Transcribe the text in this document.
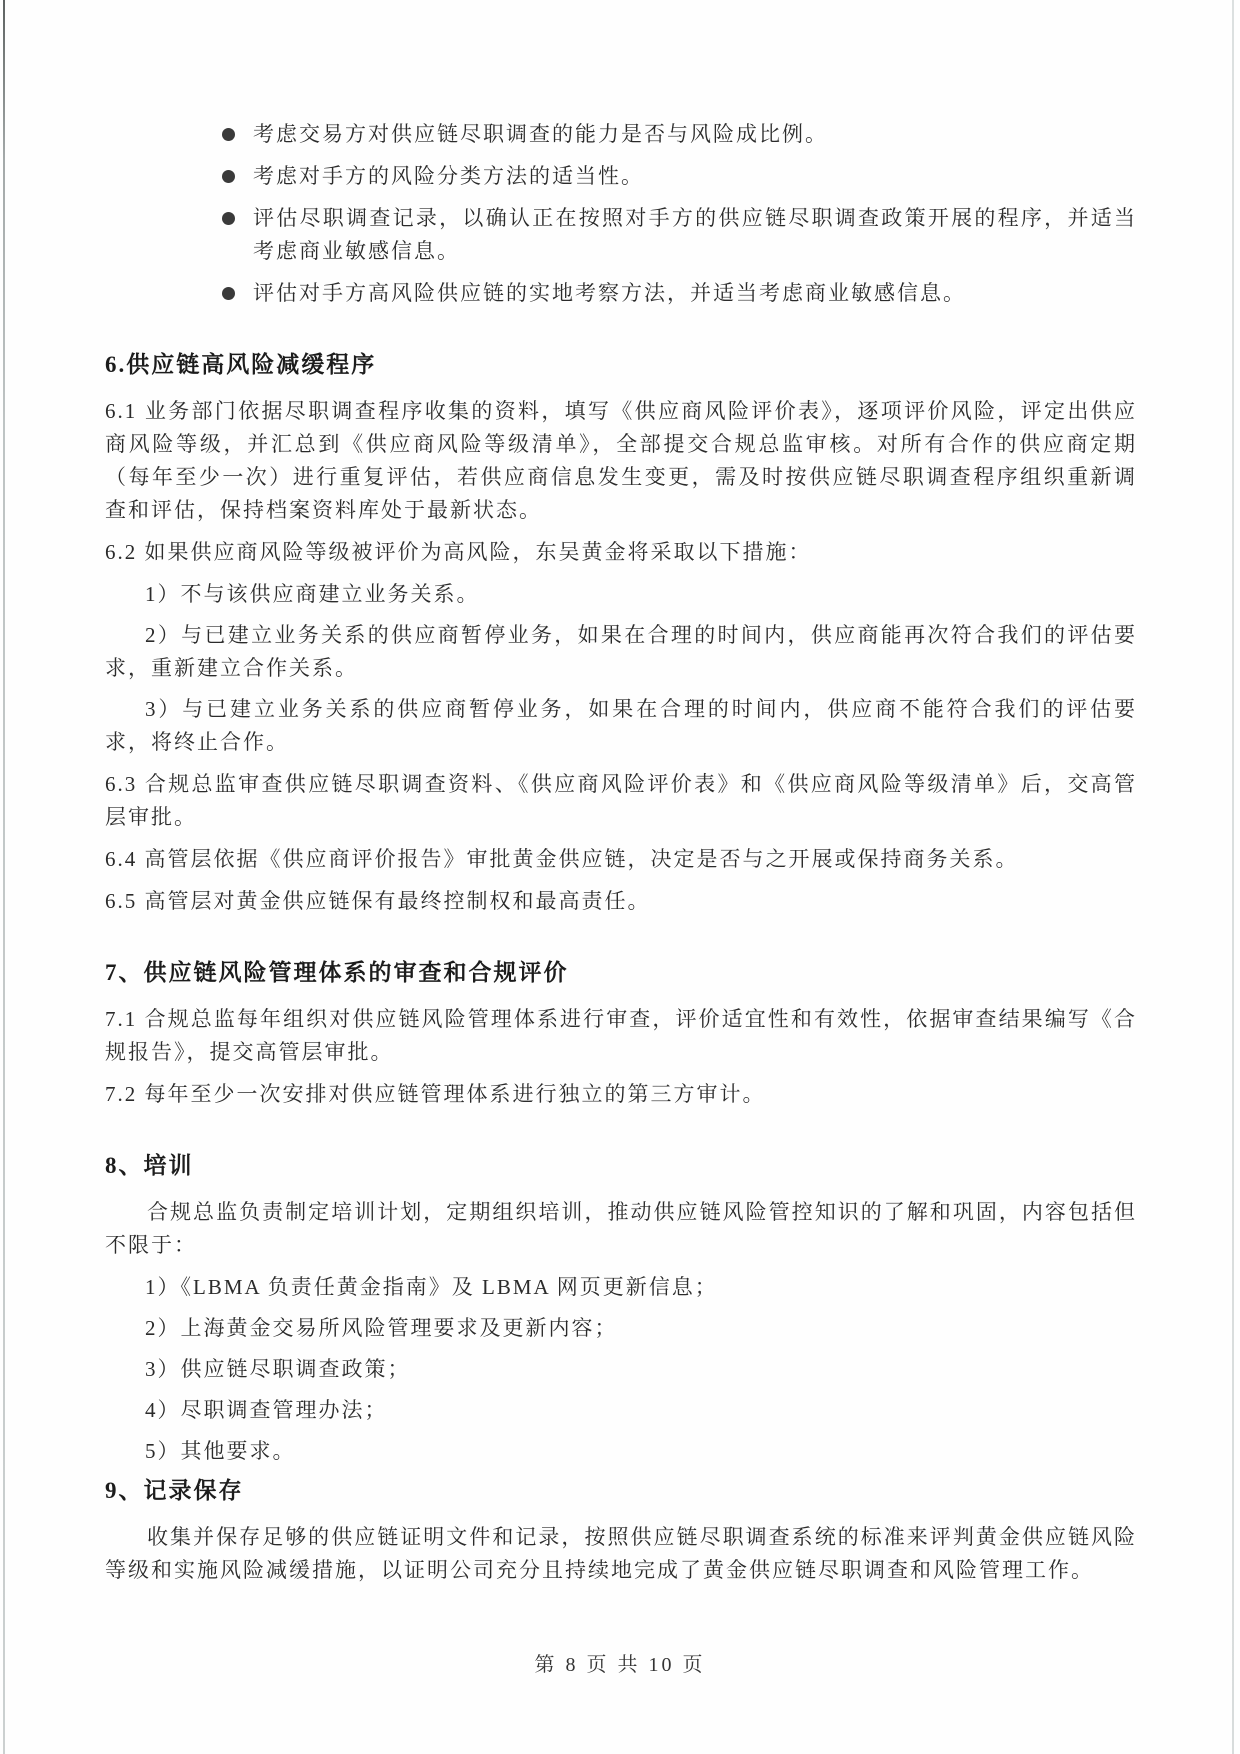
考虑交易方对供应链尽职调查的能力是否与风险成比例。
考虑对手方的风险分类方法的适当性。
评估尽职调查记录，以确认正在按照对手方的供应链尽职调查政策开展的程序，并适当考虑商业敏感信息。
评估对手方高风险供应链的实地考察方法，并适当考虑商业敏感信息。
6.供应链高风险减缓程序

6.1 业务部门依据尽职调查程序收集的资料，填写《供应商风险评价表》，逐项评价风险，评定出供应商风险等级，并汇总到《供应商风险等级清单》，全部提交合规总监审核。对所有合作的供应商定期（每年至少一次）进行重复评估，若供应商信息发生变更，需及时按供应链尽职调查程序组织重新调查和评估，保持档案资料库处于最新状态。

6.2 如果供应商风险等级被评价为高风险，东吴黄金将采取以下措施：

1）不与该供应商建立业务关系。

2）与已建立业务关系的供应商暂停业务，如果在合理的时间内，供应商能再次符合我们的评估要求，重新建立合作关系。

3）与已建立业务关系的供应商暂停业务，如果在合理的时间内，供应商不能符合我们的评估要求，将终止合作。

6.3 合规总监审查供应链尽职调查资料、《供应商风险评价表》和《供应商风险等级清单》后，交高管层审批。

6.4 高管层依据《供应商评价报告》审批黄金供应链，决定是否与之开展或保持商务关系。

6.5 高管层对黄金供应链保有最终控制权和最高责任。

7、供应链风险管理体系的审查和合规评价

7.1 合规总监每年组织对供应链风险管理体系进行审查，评价适宜性和有效性，依据审查结果编写《合规报告》，提交高管层审批。

7.2 每年至少一次安排对供应链管理体系进行独立的第三方审计。

8、培训

合规总监负责制定培训计划，定期组织培训，推动供应链风险管控知识的了解和巩固，内容包括但不限于：

1）《LBMA 负责任黄金指南》及 LBMA 网页更新信息；

2）上海黄金交易所风险管理要求及更新内容；

3）供应链尽职调查政策；

4）尽职调查管理办法；

5）其他要求。

9、记录保存

收集并保存足够的供应链证明文件和记录，按照供应链尽职调查系统的标准来评判黄金供应链风险等级和实施风险减缓措施，以证明公司充分且持续地完成了黄金供应链尽职调查和风险管理工作。

第 8 页 共 10 页
